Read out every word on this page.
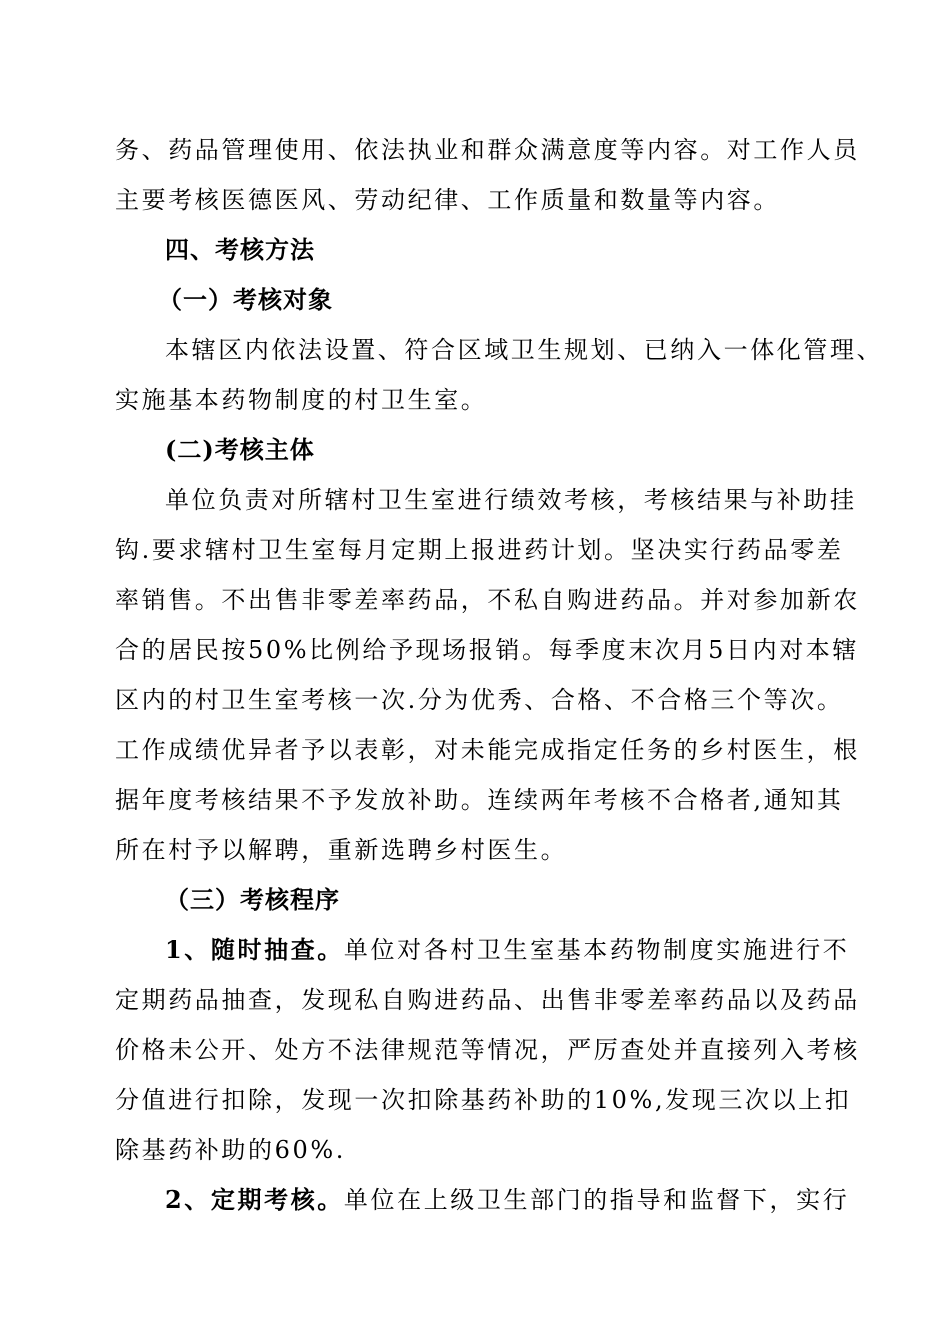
务、药品管理使用、依法执业和群众满意度等内容。对工作人员
主要考核医德医风、劳动纪律、工作质量和数量等内容。
四、考核方法
（一）考核对象
本辖区内依法设置、符合区域卫生规划、已纳入一体化管理、
实施基本药物制度的村卫生室。
(二)考核主体
单位负责对所辖村卫生室进行绩效考核，考核结果与补助挂
钩.要求辖村卫生室每月定期上报进药计划。坚决实行药品零差
率销售。不出售非零差率药品，不私自购进药品。并对参加新农
合的居民按50%比例给予现场报销。每季度末次月5日内对本辖
区内的村卫生室考核一次.分为优秀、合格、不合格三个等次。
工作成绩优异者予以表彰，对未能完成指定任务的乡村医生，根
据年度考核结果不予发放补助。连续两年考核不合格者,通知其
所在村予以解聘，重新选聘乡村医生。
（三）考核程序
1、随时抽查。单位对各村卫生室基本药物制度实施进行不
定期药品抽查，发现私自购进药品、出售非零差率药品以及药品
价格未公开、处方不法律规范等情况，严厉查处并直接列入考核
分值进行扣除，发现一次扣除基药补助的10%,发现三次以上扣
除基药补助的60%.
2、定期考核。单位在上级卫生部门的指导和监督下，实行
